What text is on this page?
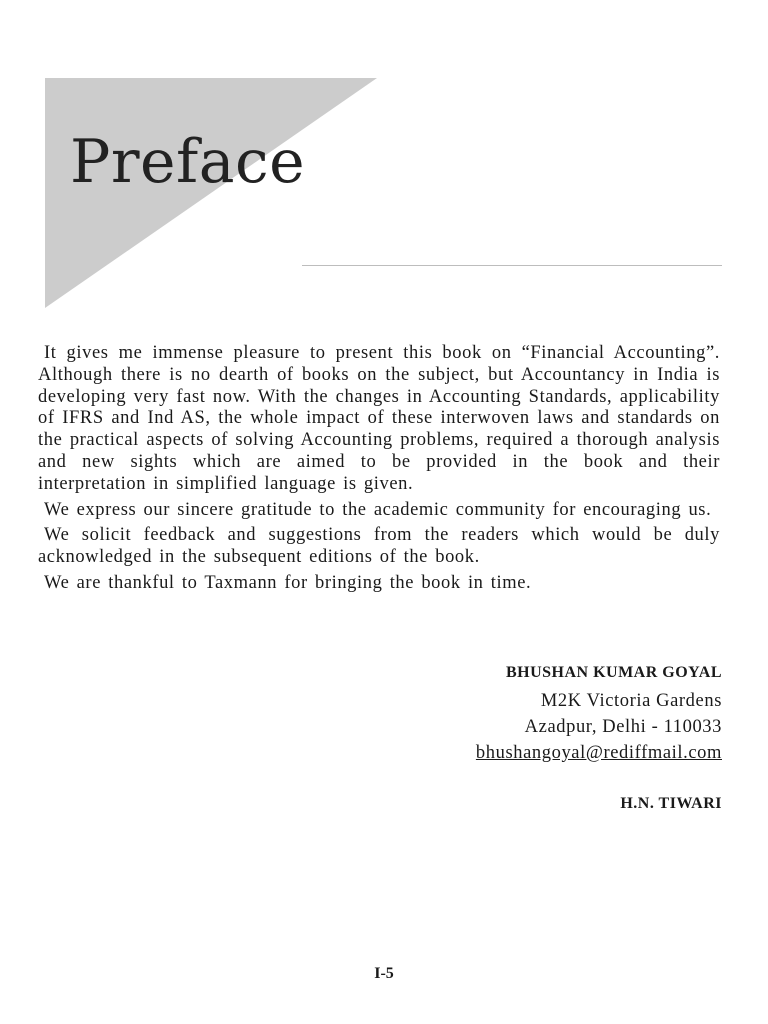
Preface

It gives me immense pleasure to present this book on “Financial Accounting”. Although there is no dearth of books on the subject, but Accountancy in India is developing very fast now. With the changes in Accounting Standards, applicability of IFRS and Ind AS, the whole impact of these interwoven laws and standards on the practical aspects of solving Accounting problems, required a thorough analysis and new sights which are aimed to be provided in the book and their interpretation in simplified language is given.

We express our sincere gratitude to the academic community for encouraging us.

We solicit feedback and suggestions from the readers which would be duly acknowledged in the subsequent editions of the book.

We are thankful to Taxmann for bringing the book in time.

BHUSHAN KUMAR GOYAL
M2K Victoria Gardens
Azadpur, Delhi - 110033
bhushangoyal@rediffmail.com
H.N. TIWARI
I-5
